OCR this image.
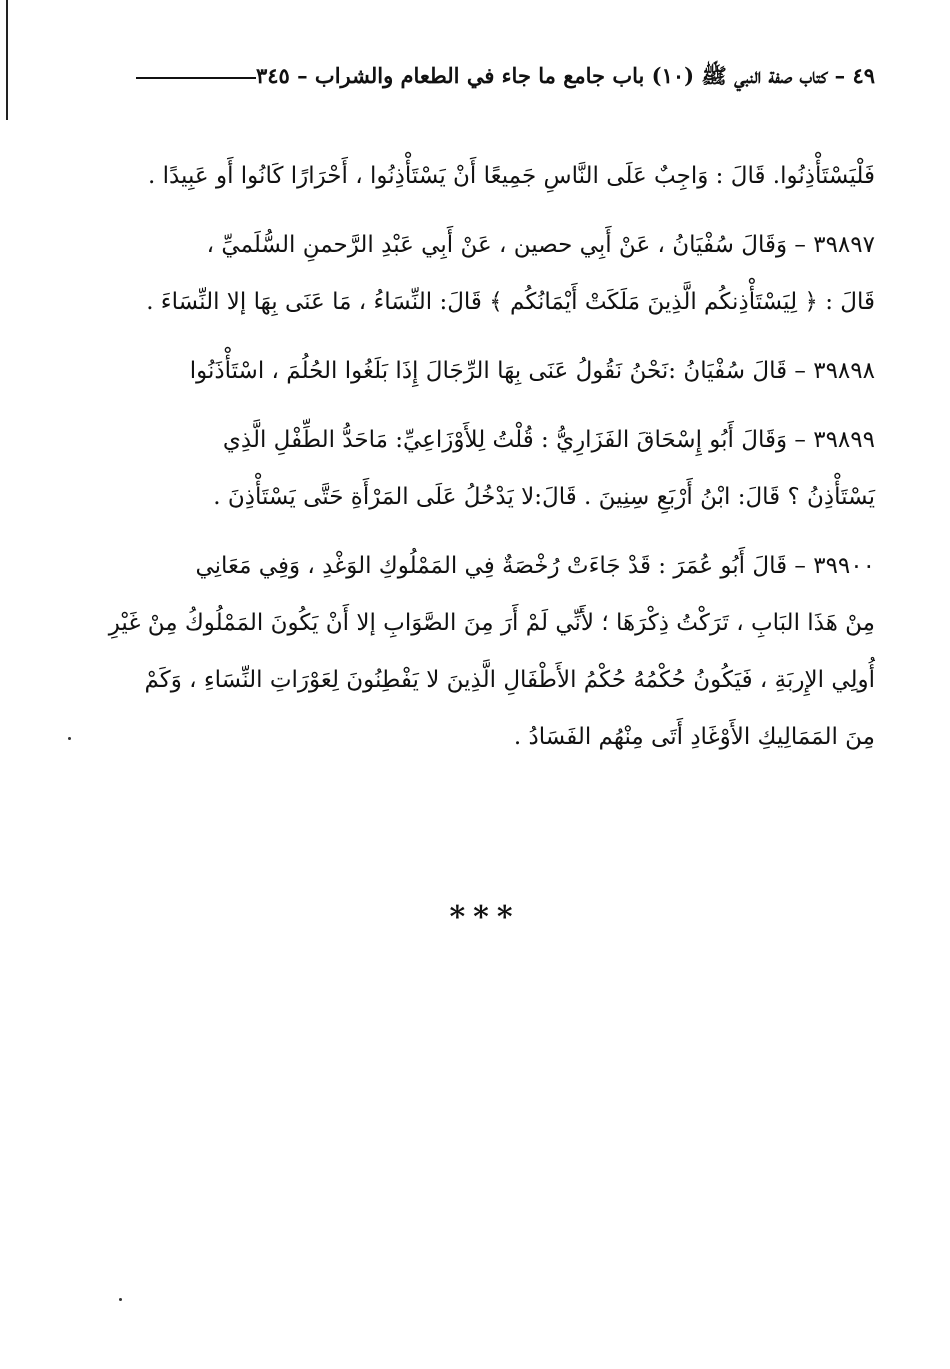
٤٩ – كتاب صفة النبي ﷺ (١٠) باب جامع ما جاء في الطعام والشراب – ٣٤٥
فَلْيَسْتَأْذِنُوا. قَالَ : وَاجِبٌ عَلَى النَّاسِ جَمِيعًا أَنْ يَسْتَأْذِنُوا ، أَحْرَارًا كَانُوا أَو عَبِيدًا .
٣٩٨٩٧ – وَقَالَ سُفْيَانُ ، عَنْ أَبِي حصين ، عَنْ أَبِي عَبْدِ الرَّحمنِ السُّلَميِّ ،
قَالَ : ﴿ لِيَسْتَأْذِنكُم الَّذِينَ مَلَكَتْ أَيْمَانُكُم ﴾ قَالَ: النِّسَاءُ ، مَا عَنَى بِهَا إلا النِّسَاءَ .
٣٩٨٩٨ – قَالَ سُفْيَانُ :نَحْنُ نَقُولُ عَنَى بِهَا الرِّجَالَ إِذَا بَلَغُوا الحُلُمَ ، اسْتَأْذَنُوا
٣٩٨٩٩ – وَقَالَ أَبُو إِسْحَاقَ الفَزَارِيُّ : قُلْتُ لِلأَوْزَاعِيِّ: مَاحَدُّ الطِّفْلِ الَّذِي
يَسْتَأْذِنُ ؟ قَالَ: ابْنُ أَرْبَعِ سِنِينَ . قَالَ:لا يَدْخُلُ عَلَى المَرْأَةِ حَتَّى يَسْتَأْذِنَ .
٣٩٩٠٠ – قَالَ أَبُو عُمَرَ : قَدْ جَاءَتْ رُخْصَةٌ فِي المَمْلُوكِ الوَغْدِ ، وَفِي مَعَانِي
مِنْ هَذَا البَابِ ، تَرَكْتُ ذِكْرَهَا ؛ لأَنِّي لَمْ أَرَ مِنَ الصَّوَابِ إلا أَنْ يَكُونَ المَمْلُوكُ مِنْ غَيْرِ
أُولِي الإِربَةِ ، فَيَكُونُ حُكْمُهُ حُكْمُ الأَطْفَالِ الَّذِينَ لا يَفْطِنُونَ لِعَوْرَاتِ النِّسَاءِ ، وَكَمْ
مِنَ المَمَالِيكِ الأَوْغَادِ أَتَى مِنْهُم الفَسَادُ .
***
